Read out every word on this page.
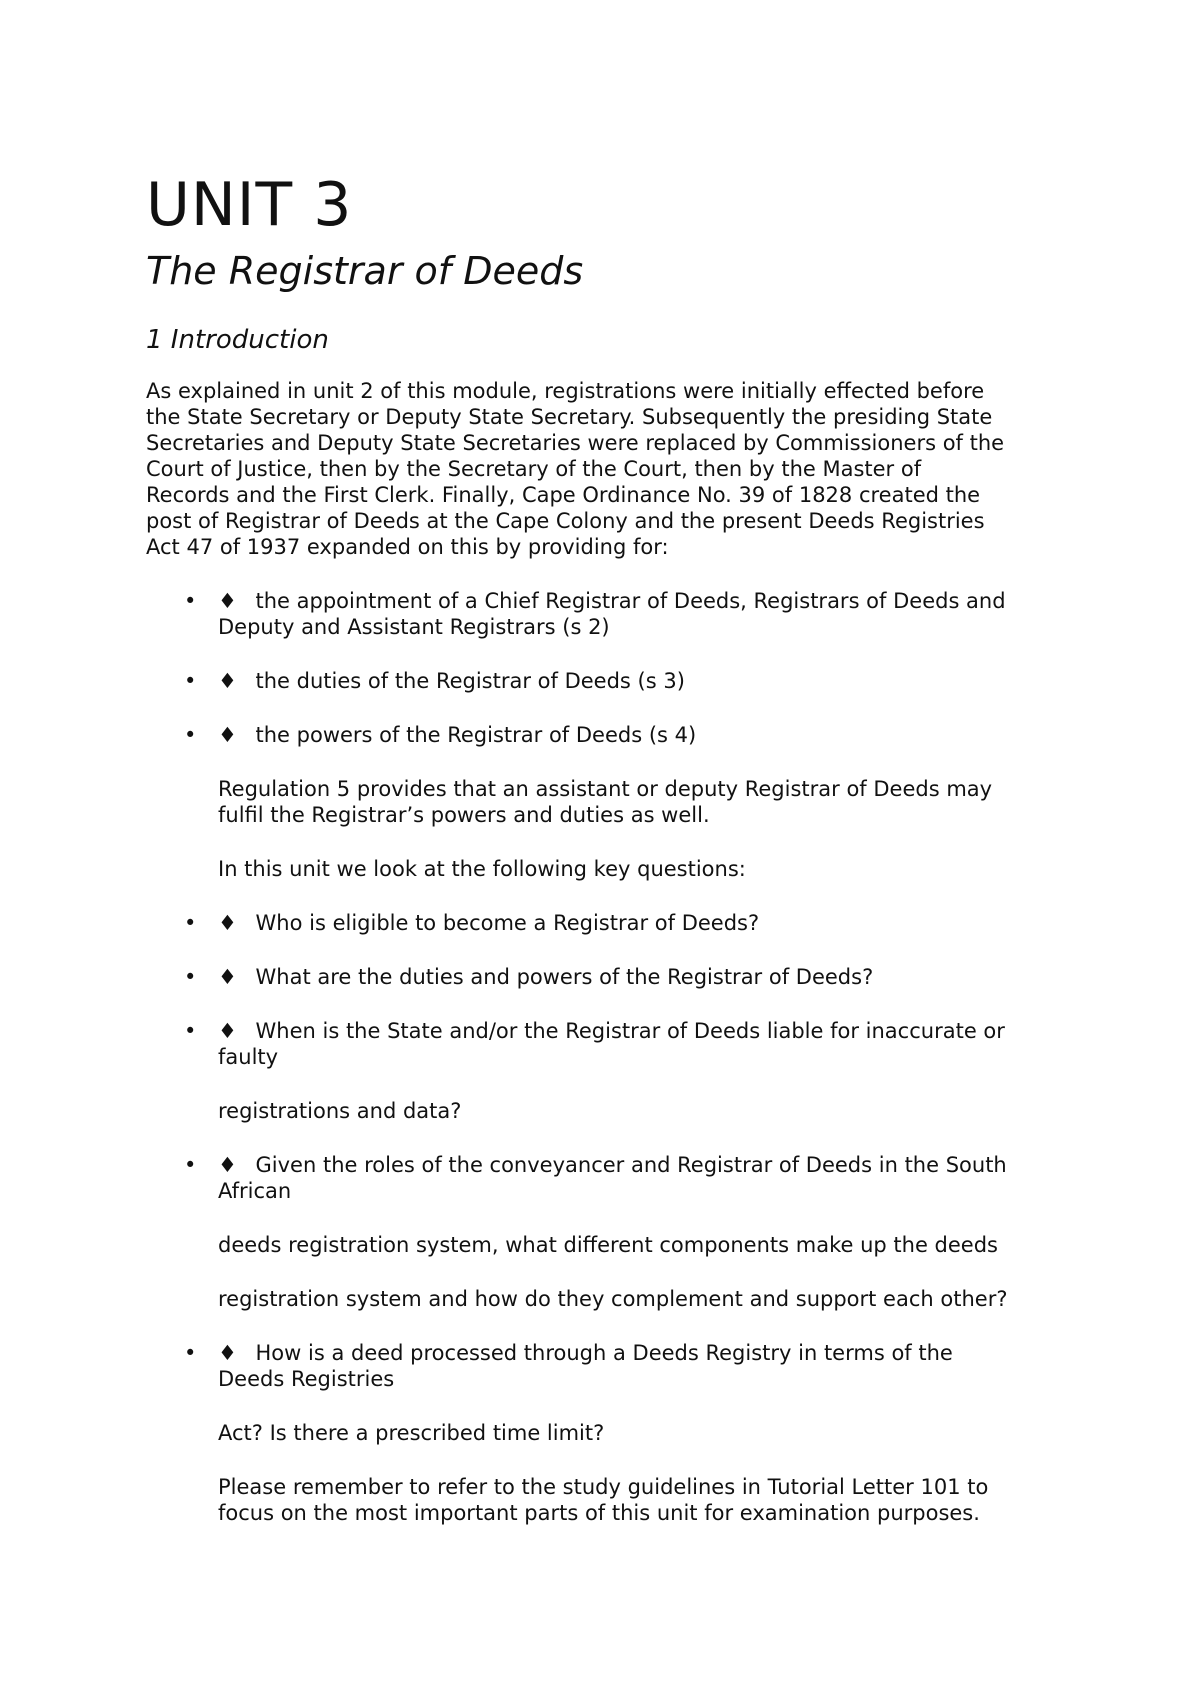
UNIT 3
The Registrar of Deeds
1 Introduction

As explained in unit 2 of this module, registrations were initially effected before
the State Secretary or Deputy State Secretary. Subsequently the presiding State
Secretaries and Deputy State Secretaries were replaced by Commissioners of the
Court of Justice, then by the Secretary of the Court, then by the Master of
Records and the First Clerk. Finally, Cape Ordinance No. 39 of 1828 created the
post of Registrar of Deeds at the Cape Colony and the present Deeds Registries
Act 47 of 1937 expanded on this by providing for:

• ♦ the appointment of a Chief Registrar of Deeds, Registrars of Deeds and
Deputy and Assistant Registrars (s 2)
• ♦ the duties of the Registrar of Deeds (s 3)
• ♦ the powers of the Registrar of Deeds (s 4)

Regulation 5 provides that an assistant or deputy Registrar of Deeds may
fulfil the Registrar’s powers and duties as well.

In this unit we look at the following key questions:

• ♦ Who is eligible to become a Registrar of Deeds?
• ♦ What are the duties and powers of the Registrar of Deeds?
• ♦ When is the State and/or the Registrar of Deeds liable for inaccurate or
faulty

registrations and data?

• ♦ Given the roles of the conveyancer and Registrar of Deeds in the South
African

deeds registration system, what different components make up the deeds

registration system and how do they complement and support each other?

• ♦ How is a deed processed through a Deeds Registry in terms of the
Deeds Registries

Act? Is there a prescribed time limit?

Please remember to refer to the study guidelines in Tutorial Letter 101 to
focus on the most important parts of this unit for examination purposes.
